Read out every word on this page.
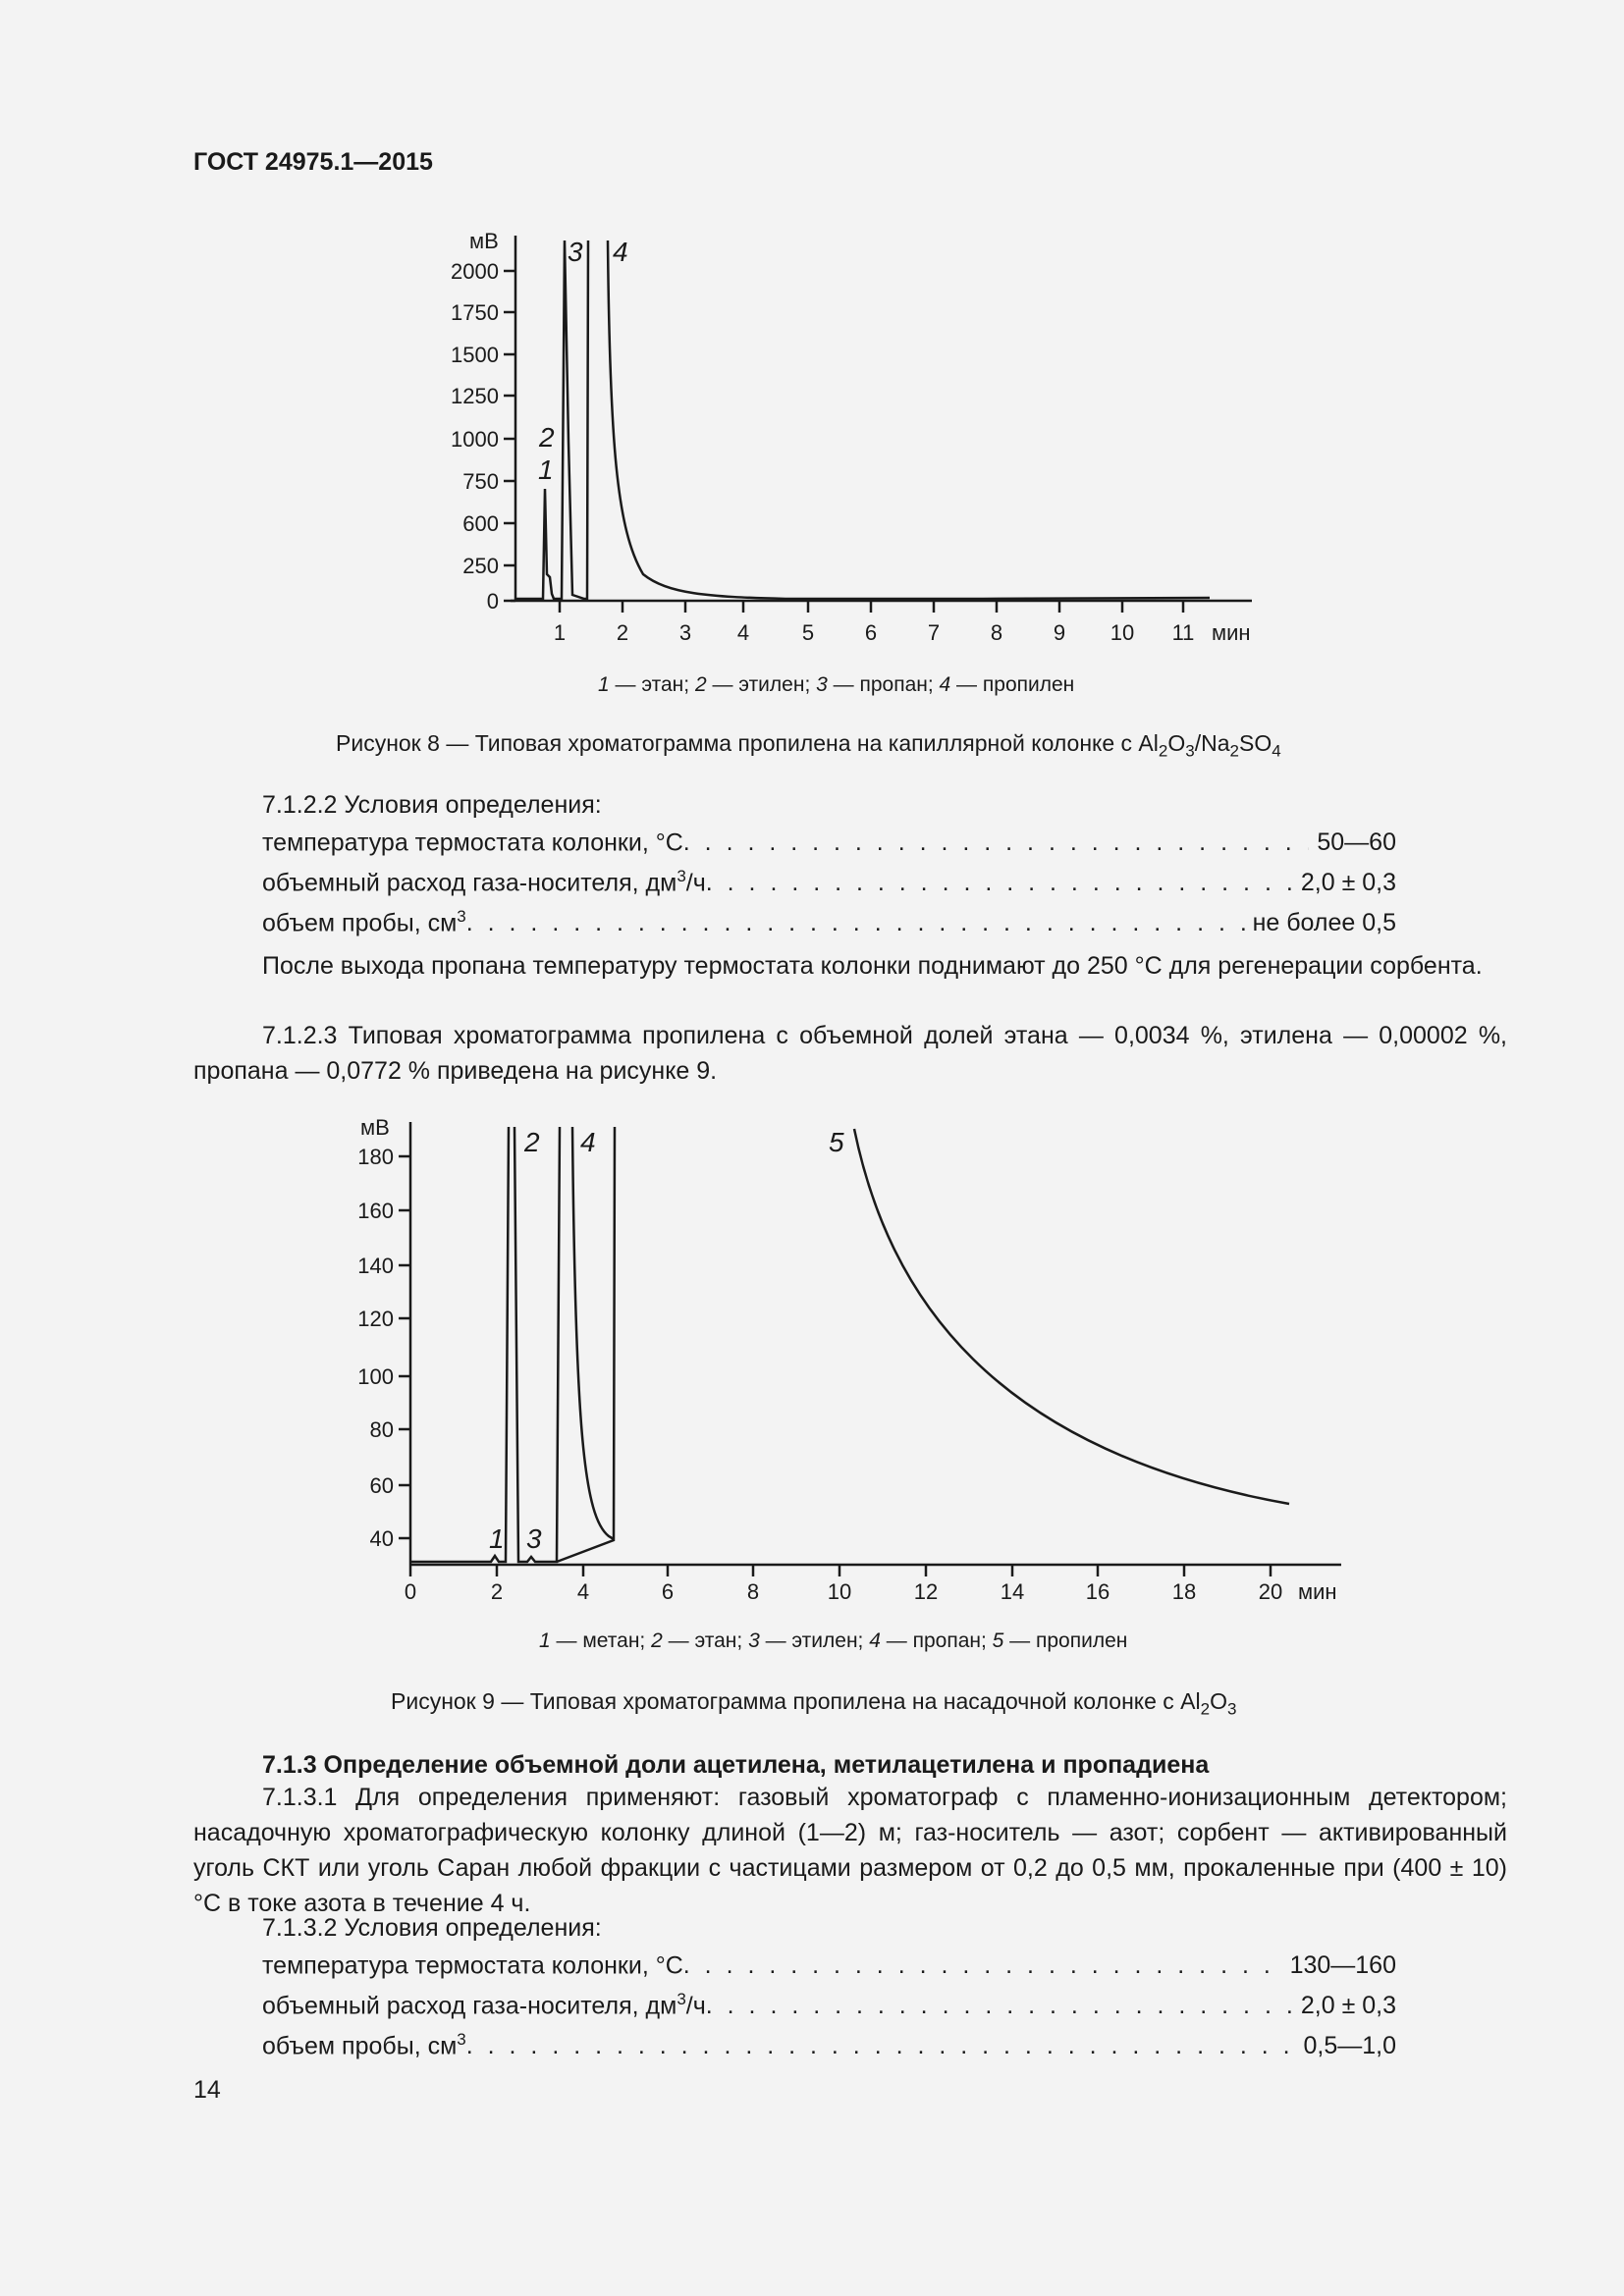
ГОСТ 24975.1—2015
мВ
2000
1750
1500
1250
1000
750
600
250
0
1 2 3 4 5 6 7 8 9 10 11 мин
1
2
3 4
1 — этан; 2 — этилен; 3 — пропан; 4 — пропилен
Рисунок 8 — Типовая хроматограмма пропилена на капиллярной колонке с $Al_2O_3/Na_2SO_4$
7.1.2.2 Условия определения:
температура термостата колонки, °С . . .	50—60
объемный расход газа-носителя, $дм^3/ч$ . . .	2,0 ± 0,3
объем пробы, $см^3$ . . .	не более 0,5
После выхода пропана температуру термостата колонки поднимают до 250 °С для регенерации сорбента.
7.1.2.3 Типовая хроматограмма пропилена с объемной долей этана — 0,0034 %, этилена — 0,00002 %, пропана — 0,0772 % приведена на рисунке 9.
мВ
180
160
140
120
100
80
60
40
0	2	4	6	8	10	12	14	16	18	20 мин
1
2
3
4	5
1 — метан; 2 — этан; 3 — этилен; 4 — пропан; 5 — пропилен
Рисунок 9 — Типовая хроматограмма пропилена на насадочной колонке с $Al_2O_3$
7.1.3 Определение объемной доли ацетилена, метилацетилена и пропадиена
7.1.3.1 Для определения применяют: газовый хроматограф с пламенно-ионизационным детектором; насадочную хроматографическую колонку длиной (1—2) м; газ-носитель — азот; сорбент — активированный уголь СКТ или уголь Саран любой фракции с частицами размером от 0,2 до 0,5 мм, прокаленные при (400 ± 10) °С в токе азота в течение 4 ч.
7.1.3.2 Условия определения:
температура термостата колонки, °С . . .	130—160
объемный расход газа-носителя, $дм^3/ч$ . . .	2,0 ± 0,3
объем пробы, $см^3$ . . .	0,5—1,0
14
